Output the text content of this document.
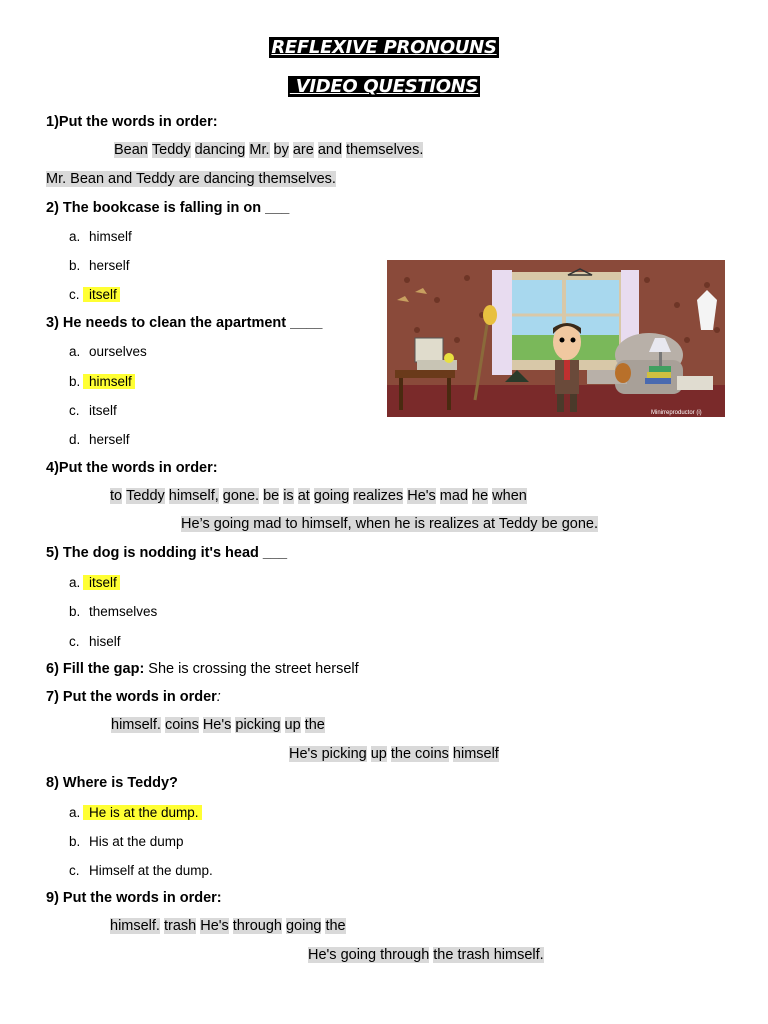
REFLEXIVE PRONOUNS
VIDEO QUESTIONS
1)Put the words in order:
Bean Teddy dancing Mr. by are and themselves.
Mr. Bean and Teddy are dancing themselves.
2) The bookcase is falling in on ___
a. himself
b. herself
c. itself
3) He needs to clean the apartment ____
a. ourselves
b. himself
c. itself
d. herself
Minirreproductor (i)
4)Put the words in order:
to Teddy himself, gone. be is at going realizes He's mad he when
He’s going mad to himself, when he is realizes at Teddy be gone.
5) The dog is nodding it's head ___
a. itself
b. themselves
c. hiself
6) Fill the gap: She is crossing the street herself
7) Put the words in order:
himself. coins He's picking up the
He's picking up the coins himself
8) Where is Teddy?
a. He is at the dump.
b. His at the dump
c. Himself at the dump.
9) Put the words in order:
himself. trash He's through going the
He's going through the trash himself.
